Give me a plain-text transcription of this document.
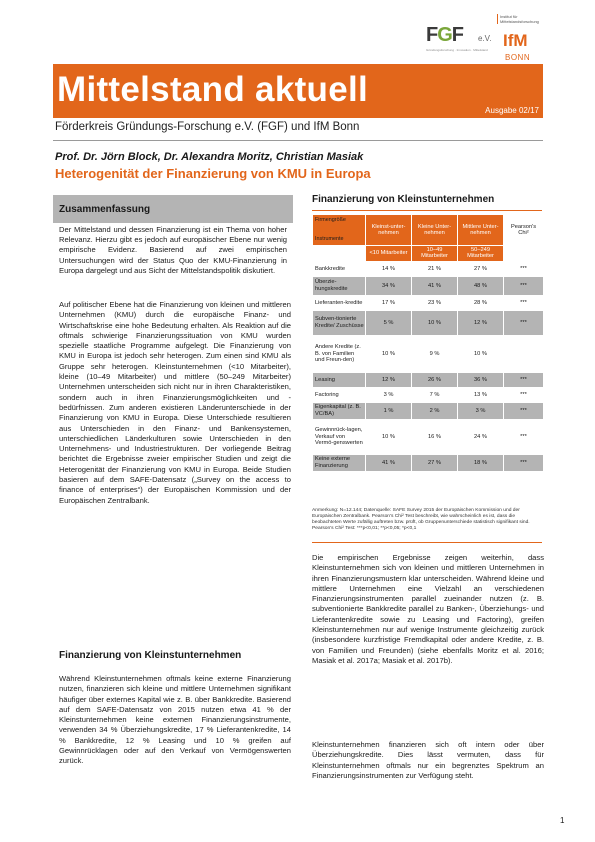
FGF e.V.
Gründungsforschung · Innovation · Mittelstand
Institut für Mittelstandsforschung
IfM
BONN
Mittelstand aktuell
Ausgabe 02/17
Förderkreis Gründungs-Forschung e.V. (FGF) und IfM Bonn
Prof. Dr. Jörn Block, Dr. Alexandra Moritz, Christian Masiak
Heterogenität der Finanzierung von KMU in Europa
Zusammenfassung
Der Mittelstand und dessen Finanzierung ist ein Thema von hoher Relevanz. Hierzu gibt es jedoch auf europäischer Ebene nur wenig empirische Evidenz. Basierend auf zwei empirischen Untersuchungen wird der Status Quo der KMU-Finanzierung in Europa dargelegt und aus Sicht der Mittelstandspolitik diskutiert.
Auf politischer Ebene hat die Finanzierung von kleinen und mittleren Unternehmen (KMU) durch die europäische Finanz- und Wirtschaftskrise eine hohe Bedeutung erhalten. Als Reaktion auf die oftmals schwierige Finanzierungssituation von KMU wurden spezielle staatliche Programme aufgelegt. Die Finanzierung von KMU in Europa ist jedoch sehr heterogen. Zum einen sind KMU als Gruppe sehr heterogen. Kleinstunternehmen (<10 Mitarbeiter), kleine (10–49 Mitarbeiter) und mittlere (50–249 Mitarbeiter) Unternehmen unterscheiden sich nicht nur in ihren Charakteristiken, sondern auch in ihren Finanzierungsmöglichkeiten und -bedürfnissen. Zum anderen existieren Länderunterschiede in der Finanzierung von KMU in Europa. Diese Unterschiede resultieren aus Unterschieden in den Finanz- und Bankensystemen, unterschiedlichen Länderkulturen sowie Unterschieden in den Unternehmens- und Industriestrukturen. Der vorliegende Beitrag berichtet die Ergebnisse zweier empirischer Studien und zeigt die Heterogenität der Finanzierung von KMU in Europa. Beide Studien basieren auf dem SAFE-Datensatz („Survey on the access to finance of enterprises“) der Europäischen Kommission und der Europäischen Zentralbank.
Finanzierung von Kleinstunternehmen
Während Kleinstunternehmen oftmals keine externe Finanzierung nutzen, finanzieren sich kleine und mittlere Unternehmen signifikant häufiger über externes Kapital wie z. B. über Bankkredite. Basierend auf dem SAFE-Datensatz von 2015 nutzen etwa 41 % der Kleinstunternehmen keine externen Finanzierungsinstrumente, verwenden 34 % Überziehungskredite, 17 % Lieferantenkredite, 14 % Bankkredite, 12 % Leasing und 10 % greifen auf Gewinnrücklagen oder auf den Verkauf von Vermögenswerten zurück.
Finanzierung von Kleinstunternehmen
Firmengröße
Instrumente	Kleinst-unter-nehmen	Kleine Unter-nehmen	Mittlere Unter-nehmen	Pearson's Chi²
	<10 Mitarbeiter	10–49 Mitarbeiter	50–249 Mitarbeiter	
Bankkredite	14 %	21 %	27 %	***
Überzie-hungskredite	34 %	41 %	48 %	***
Lieferanten-kredite	17 %	23 %	28 %	***
Subven-tionierte Kredite/ Zuschüsse	5 %	10 %	12 %	***
Andere Kredite (z. B. von Familien und Freun-den)	10 %	9 %	10 %	
Leasing	12 %	26 %	36 %	***
Factoring	3 %	7 %	13 %	***
Eigenkapital (z. B. VC/BA)	1 %	2 %	3 %	***
Gewinnrück-lagen, Verkauf von Vermö-genswerten	10 %	16 %	24 %	***
Keine externe Finanzierung	41 %	27 %	18 %	***
Anmerkung: N=12.144; Datenquelle: SAFE Survey 2015 der Europäischen Kommission und der Europäischen Zentralbank. Pearson's Chi² Test beschreibt, wie wahrscheinlich es ist, dass die beobachteten Werte zufällig auftreten bzw. prüft, ob Gruppenunterschiede statistisch signifikant sind. Pearson's Chi² Test: ***p<0,01; **p<0,05; *p<0,1
Die empirischen Ergebnisse zeigen weiterhin, dass Kleinstunternehmen sich von kleinen und mittleren Unternehmen in ihren Finanzierungsmustern klar unterscheiden. Während kleine und mittlere Unternehmen eine Vielzahl an verschiedenen Finanzierungsinstrumenten parallel zueinander nutzen (z. B. subventionierte Bankkredite parallel zu Banken-, Überziehungs- und Lieferantenkredite sowie zu Leasing und Factoring), greifen Kleinstunternehmen nur auf wenige Instrumente gleichzeitig zurück (insbesondere kurzfristige Fremdkapital oder andere Kredite, z. B. von Familien und Freunden) (siehe ebenfalls Moritz et al. 2016; Masiak et al. 2017a; Masiak et al. 2017b).
Kleinstunternehmen finanzieren sich oft intern oder über Überziehungskredite. Dies lässt vermuten, dass für Kleinstunternehmen oftmals nur ein begrenztes Spektrum an Finanzierungsinstrumenten zur Verfügung steht.
1
